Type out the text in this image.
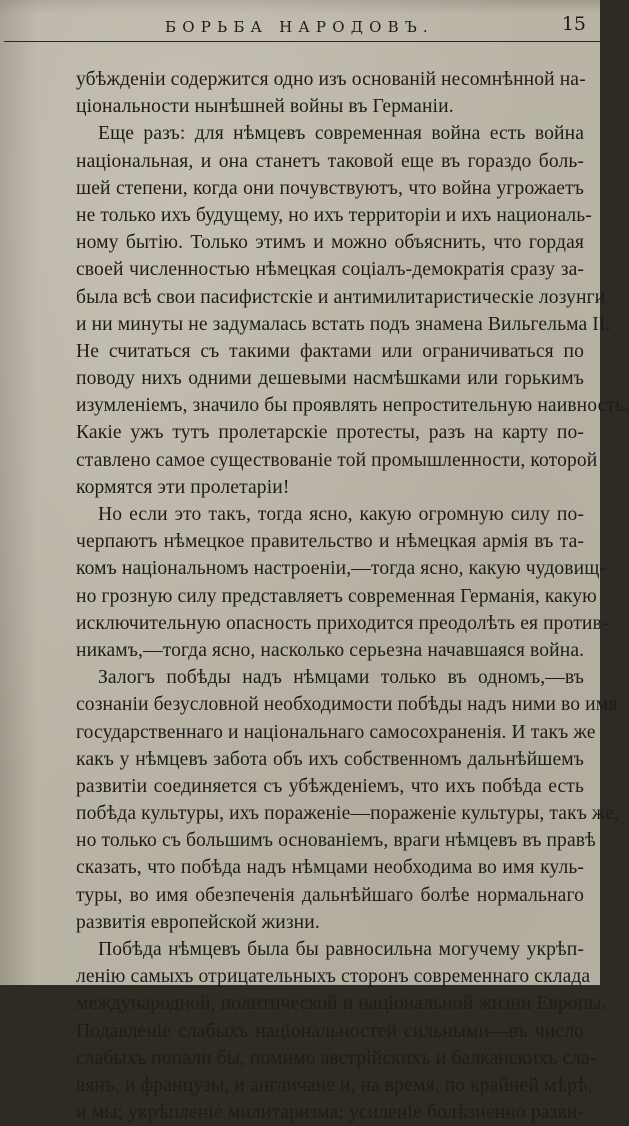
БОРЬБА НАРОДОВЪ.	15
убѣжденіи содержится одно изъ основаній несомнѣнной на-
ціональности нынѣшней войны въ Германіи.
Еще разъ: для нѣмцевъ современная война есть война
національная, и она станетъ таковой еще въ гораздо боль-
шей степени, когда они почувствуютъ, что война угрожаетъ
не только ихъ будущему, но ихъ территоріи и ихъ националь-
ному бытію. Только этимъ и можно объяснить, что гордая
своей численностью нѣмецкая соціалъ-демократія сразу за-
была всѣ свои пасифистскіе и антимилитаристическіе лозунги
и ни минуты не задумалась встать подъ знамена Вильгельма II.
Не считаться съ такими фактами или ограничиваться по
поводу нихъ одними дешевыми насмѣшками или горькимъ
изумленіемъ, значило бы проявлять непростительную наивность.
Какіе ужъ тутъ пролетарскіе протесты, разъ на карту по-
ставлено самое существованіе той промышленности, которой
кормятся эти пролетаріи!
Но если это такъ, тогда ясно, какую огромную силу по-
черпаютъ нѣмецкое правительство и нѣмецкая армія въ та-
комъ національномъ настроеніи,—тогда ясно, какую чудовищ-
но грозную силу представляетъ современная Германія, какую
исключительную опасность приходится преодолѣть ея против-
никамъ,—тогда ясно, насколько серьезна начавшаяся война.
Залогъ побѣды надъ нѣмцами только въ одномъ,—въ
сознаніи безусловной необходимости побѣды надъ ними во имя
государственнаго и національнаго самосохраненія. И такъ же
какъ у нѣмцевъ забота объ ихъ собственномъ дальнѣйшемъ
развитіи соединяется съ убѣжденіемъ, что ихъ побѣда есть
побѣда культуры, ихъ пораженіе—пораженіе культуры, такъ же,
но только съ большимъ основаніемъ, враги нѣмцевъ въ правѣ
сказать, что побѣда надъ нѣмцами необходима во имя куль-
туры, во имя обезпеченія дальнѣйшаго болѣе нормальнаго
развитія европейской жизни.
Побѣда нѣмцевъ была бы равносильна могучему укрѣп-
ленію самыхъ отрицательныхъ сторонъ современнаго склада
международной, политической и національной жизни Европы.
Подавленіе слабыхъ національностей сильными—въ число
слабыхъ попали бы, помимо австрійскихъ и балканскихъ сла-
вянъ, и французы, и англичане и, на время, по крайней мѣрѣ,
и мы; укрѣпленіе милитаризма; усиленіе болѣзненно разви-
